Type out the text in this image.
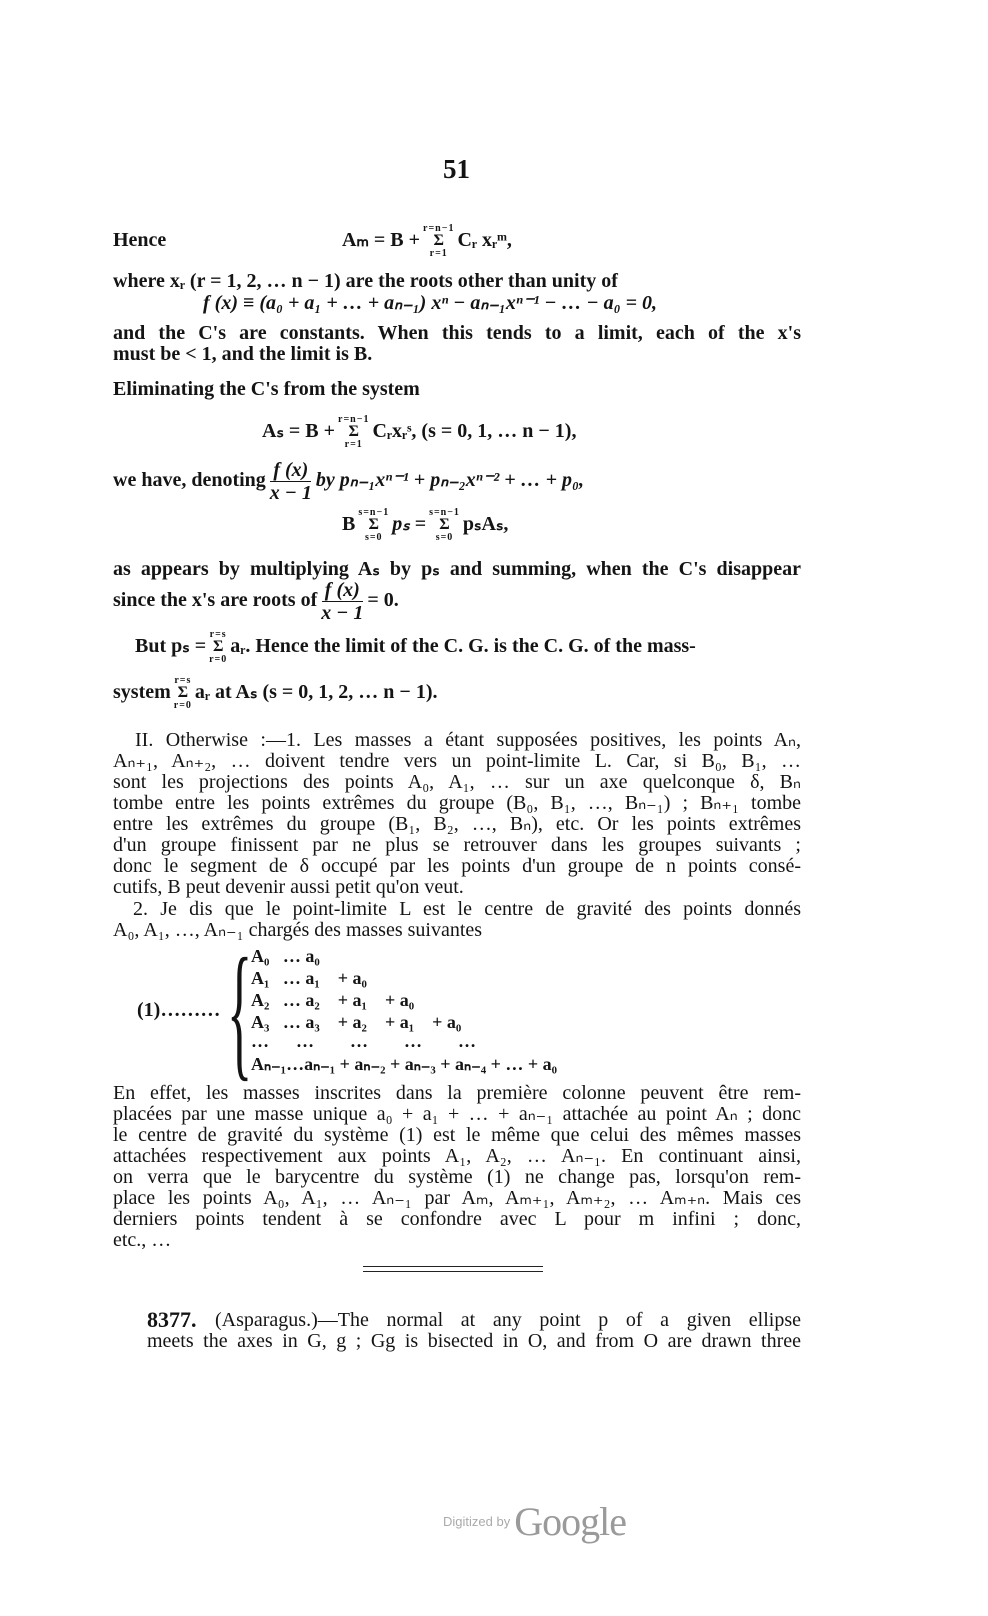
51
Hence	Aₘ = B +
r=n−1
Σ
r=1
Cᵣ xᵣᵐ,
where xᵣ (r = 1, 2, … n − 1) are the roots other than unity of
f (x) ≡ (a₀ + a₁ + … + aₙ₋₁) xⁿ − aₙ₋₁xⁿ⁻¹ − … − a₀ = 0,
and the C's are constants. When this tends to a limit, each of the x's
must be < 1, and the limit is B.
Eliminating the C's from the system
Aₛ = B +
r=n−1
Σ
r=1
Cᵣxᵣˢ, (s = 0, 1, … n − 1),
we have, denoting $\frac{f (x)}{x - 1}$ by pₙ₋₁xⁿ⁻¹ + pₙ₋₂xⁿ⁻² + … + p₀,
B
s=n−1
Σ
s=0
pₛ =
s=n−1
Σ
s=0
pₛAₛ,
as appears by multiplying Aₛ by pₛ and summing, when the C's disappear
since the x's are roots of $\frac{f (x)}{x - 1} = 0$.
But pₛ =
r=s
Σ
r=0
aᵣ. Hence the limit of the C. G. is the C. G. of the mass-
system
r=s
Σ
r=0
aᵣ at Aₛ (s = 0, 1, 2, … n − 1).
II. Otherwise :—1. Les masses a étant supposées positives, les points Aₙ,
Aₙ₊₁, Aₙ₊₂, … doivent tendre vers un point-limite L. Car, si B₀, B₁, …
sont les projections des points A₀, A₁, … sur un axe quelconque δ, Bₙ
tombe entre les points extrêmes du groupe (B₀, B₁, …, Bₙ₋₁) ; Bₙ₊₁ tombe
entre les extrêmes du groupe (B₁, B₂, …, Bₙ), etc. Or les points extrêmes
d'un groupe finissent par ne plus se retrouver dans les groupes suivants ;
donc le segment de δ occupé par les points d'un groupe de n points consé-
cutifs, B peut devenir aussi petit qu'on veut.
2. Je dis que le point-limite L est le centre de gravité des points donnés
A₀, A₁, …, Aₙ₋₁ chargés des masses suivantes
(1)……… {
A₀   … a₀
A₁   … a₁    + a₀
A₂   … a₂    + a₁    + a₀
A₃   … a₃    + a₂    + a₁    + a₀
…      …        …        …        …
Aₙ₋₁…aₙ₋₁ + aₙ₋₂ + aₙ₋₃ + aₙ₋₄ + … + a₀
En effet, les masses inscrites dans la première colonne peuvent être rem-
placées par une masse unique a₀ + a₁ + … + aₙ₋₁ attachée au point Aₙ ; donc
le centre de gravité du système (1) est le même que celui des mêmes masses
attachées respectivement aux points A₁, A₂, … Aₙ₋₁. En continuant ainsi,
on verra que le barycentre du système (1) ne change pas, lorsqu'on rem-
place les points A₀, A₁, … Aₙ₋₁ par Aₘ, Aₘ₊₁, Aₘ₊₂, … Aₘ₊ₙ. Mais ces
derniers points tendent à se confondre avec L pour m infini ; donc,
etc., …
8377. (Asparagus.)—The normal at any point p of a given ellipse
meets the axes in G, g ; Gg is bisected in O, and from O are drawn three
Digitized by Google
